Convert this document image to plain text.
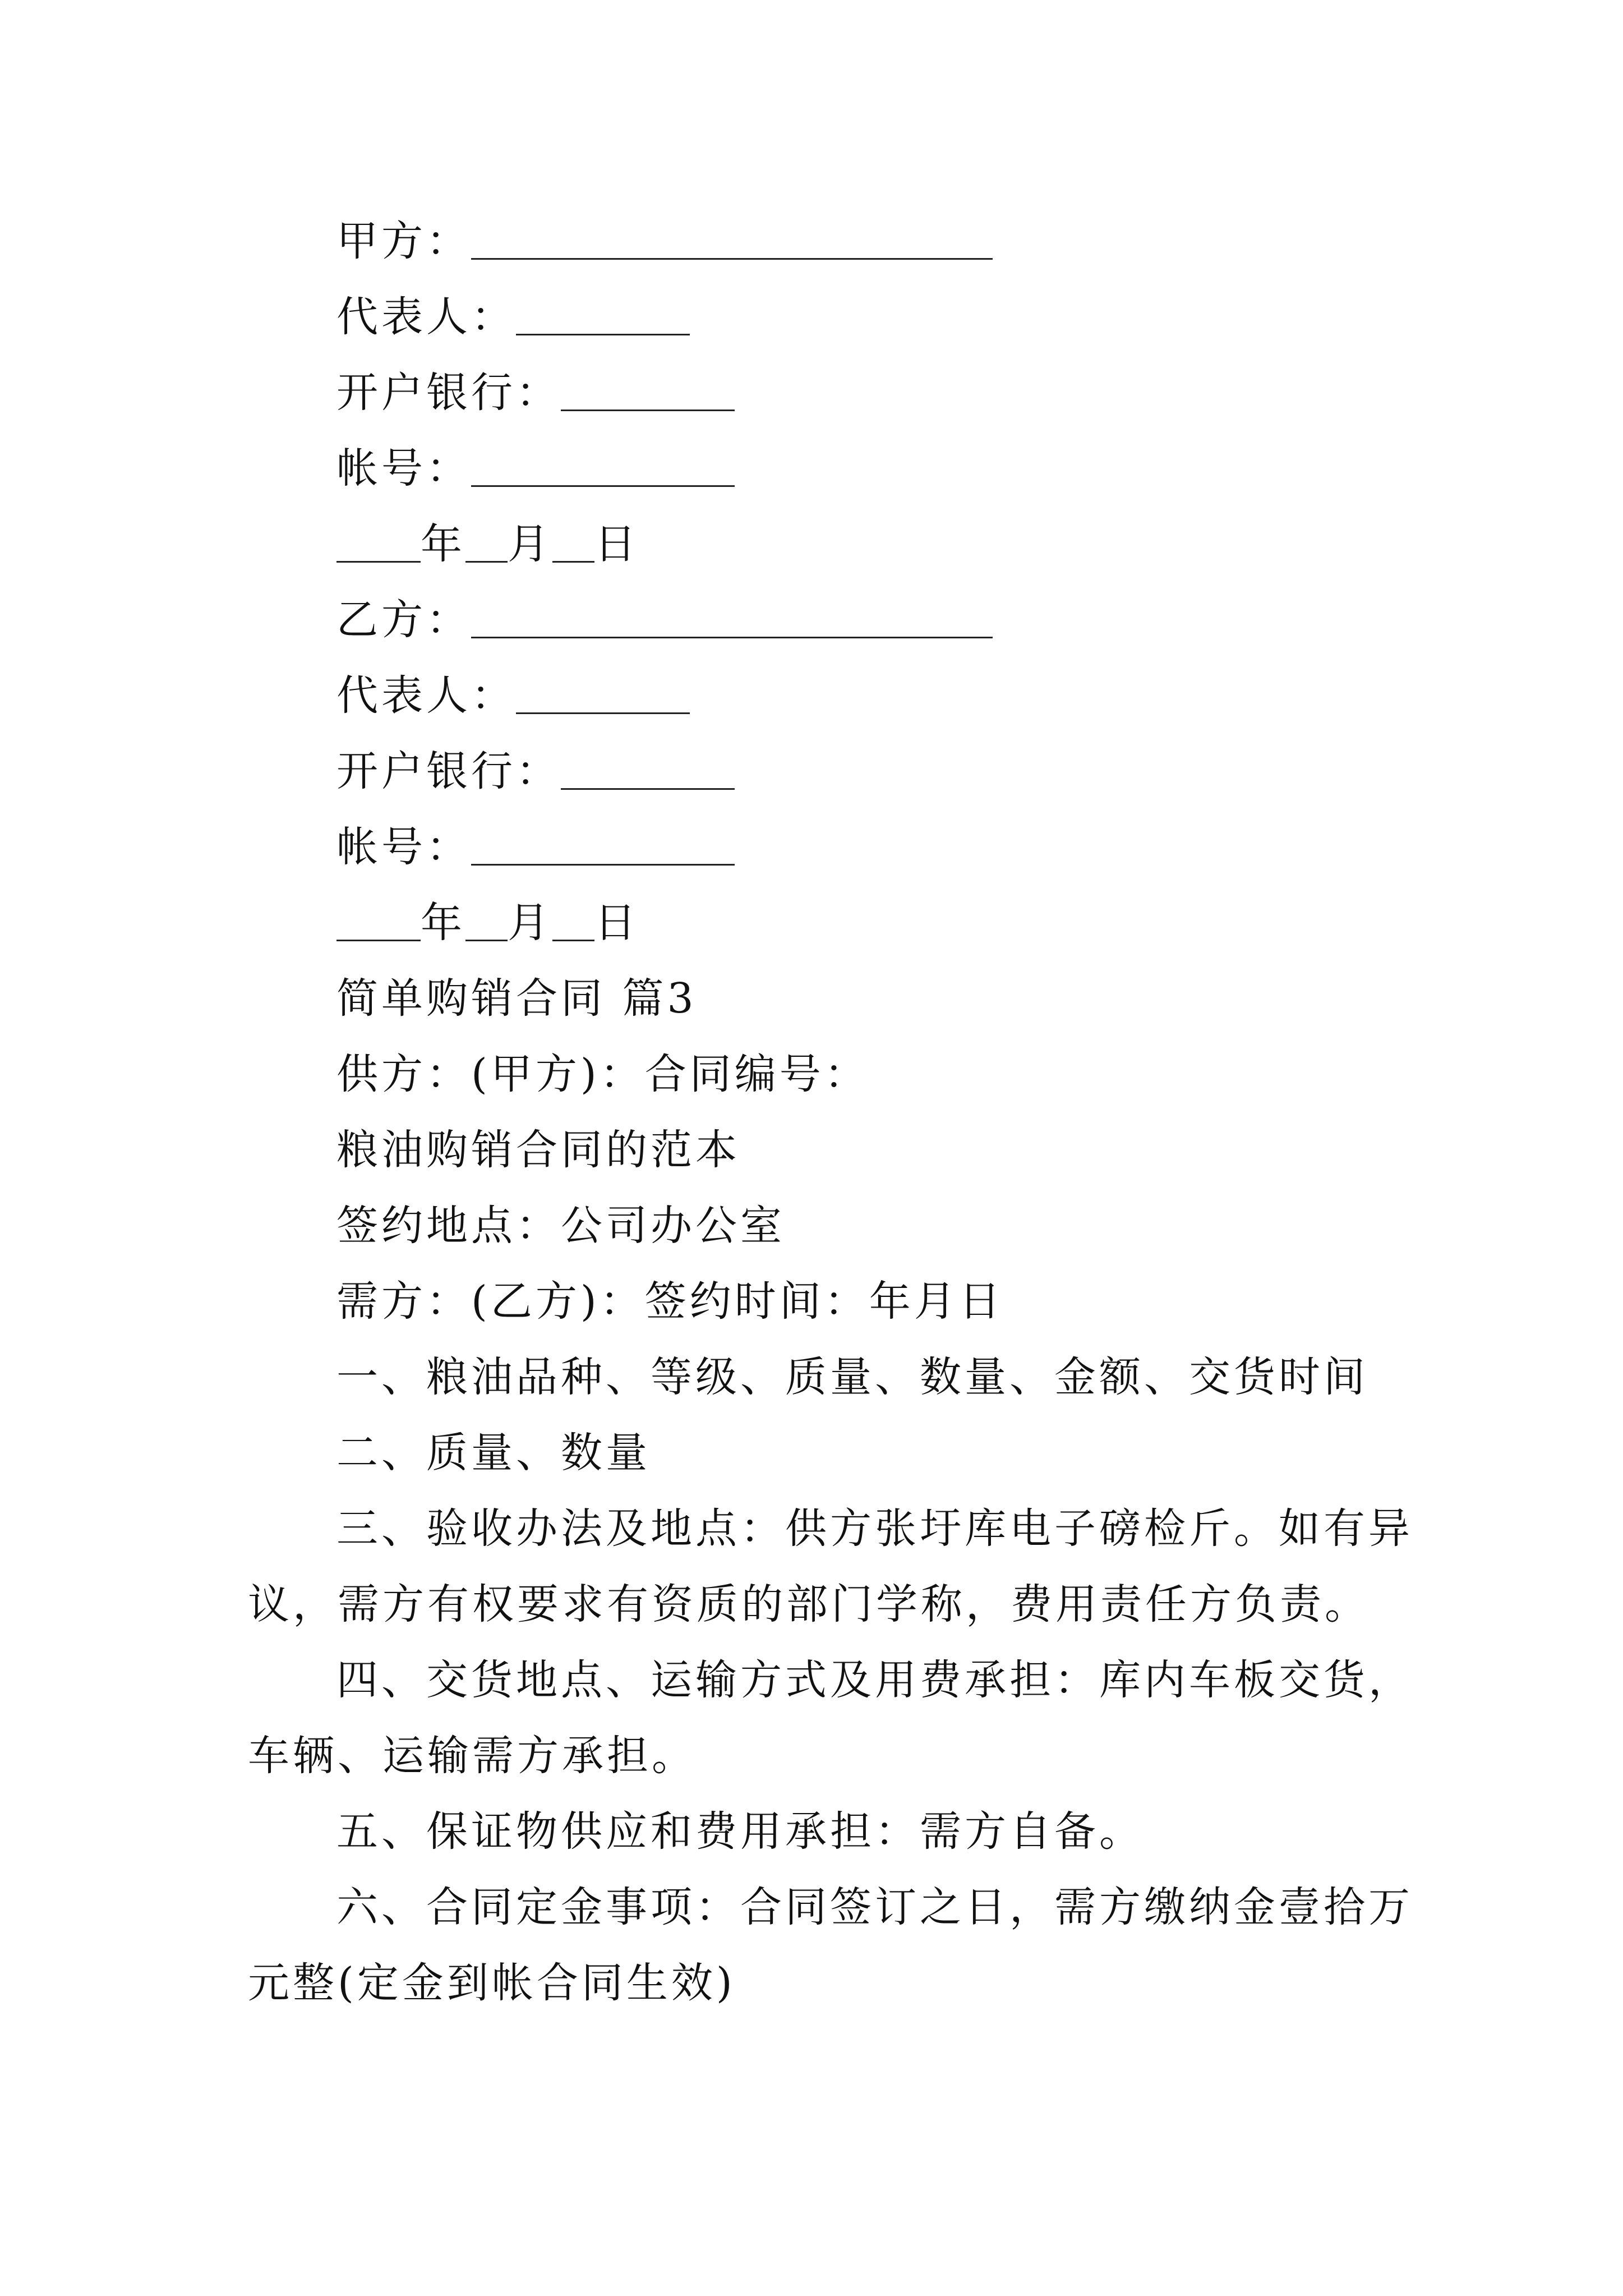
甲方：
代表人：
开户银行：
帐号：
年 月 日
乙方：
代表人：
开户银行：
帐号：
年 月 日
简单购销合同 篇3
供方：(甲方)：合同编号：
粮油购销合同的范本
签约地点：公司办公室
需方：(乙方)：签约时间：年月日
一、粮油品种、等级、质量、数量、金额、交货时间
二、质量、数量
三、验收办法及地点：供方张圩库电子磅检斤。如有异
议，需方有权要求有资质的部门学称，费用责任方负责。
四、交货地点、运输方式及用费承担：库内车板交货，
车辆、运输需方承担。
五、保证物供应和费用承担：需方自备。
六、合同定金事项：合同签订之日，需方缴纳金壹拾万
元整(定金到帐合同生效)
